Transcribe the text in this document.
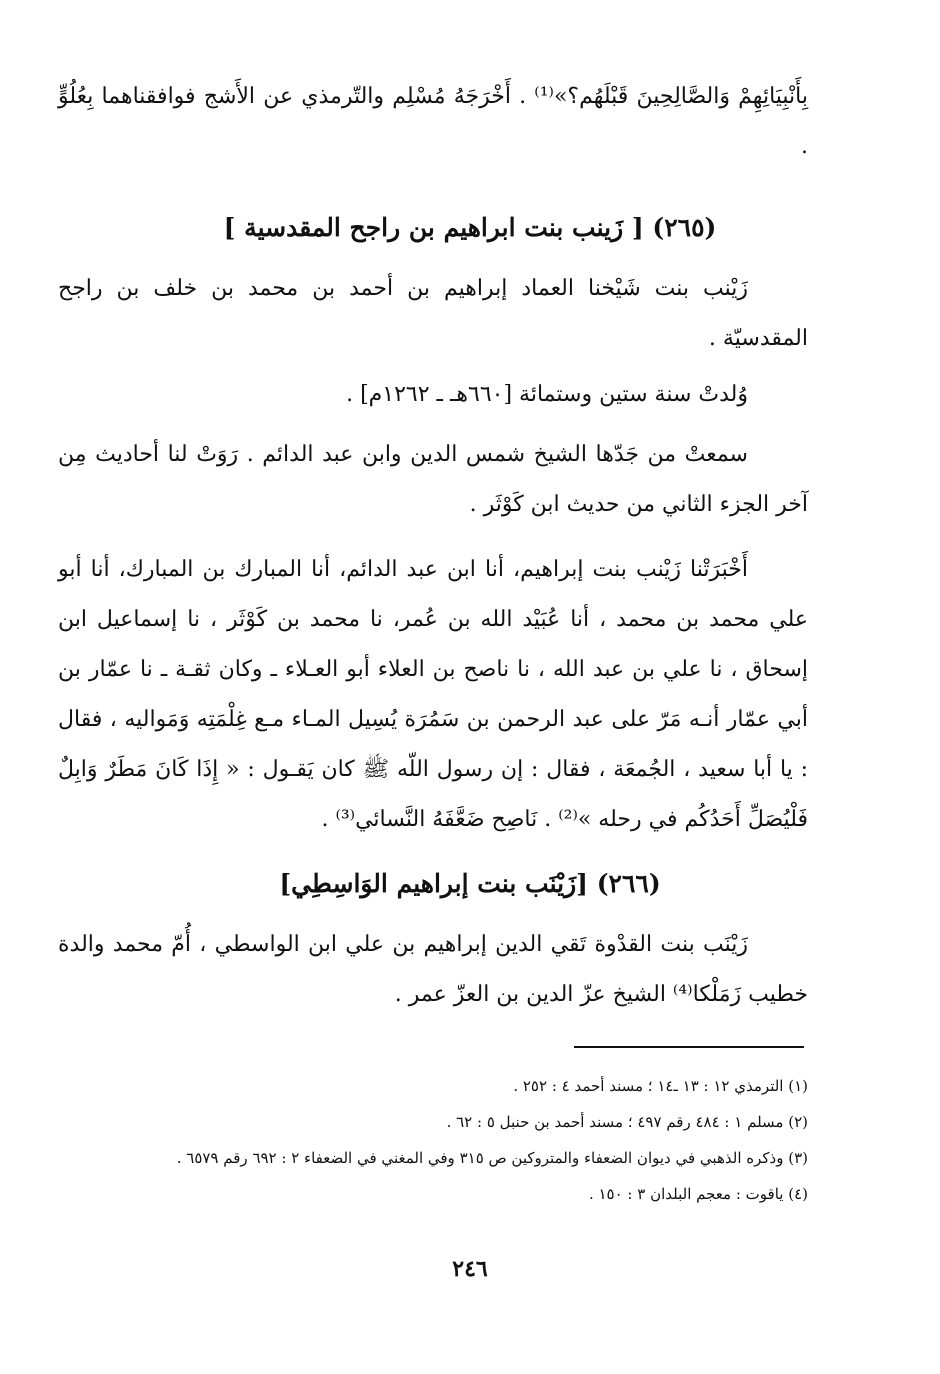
بِأَنْبِيَائِهِمْ وَالصَّالِحِينَ قَبْلَهُم؟»⁽¹⁾ . أَخْرَجَهُ مُسْلِم والتّرمذي عن الأَشج فوافقناهما بِعُلُوٍّ .

(٢٦٥) [ زَينب بنت ابراهيم بن راجح المقدسية ]

زَيْنب بنت شَيْخنا العماد إبراهيم بن أحمد بن محمد بن خلف بن راجح المقدسيّة .

وُلدتْ سنة ستين وستمائة [٦٦٠هـ ـ ١٢٦٢م] .

سمعتْ من جَدّها الشيخ شمس الدين وابن عبد الدائم . رَوَتْ لنا أحاديث مِن آخر الجزء الثاني من حديث ابن كَوْثَر .

أَخْبَرَتْنا زَيْنب بنت إبراهيم، أنا ابن عبد الدائم، أنا المبارك بن المبارك، أنا أبو علي محمد بن محمد ، أنا عُبَيْد الله بن عُمر، نا محمد بن كَوْثَر ، نا إسماعيل ابن إسحاق ، نا علي بن عبد الله ، نا ناصح بن العلاء أبو العـلاء ـ وكان ثقـة ـ نا عمّار بن أبي عمّار أنـه مَرّ على عبد الرحمن بن سَمُرَة يُسِيل المـاء مـع غِلْمَتِه وَمَواليه ، فقال : يا أبا سعيد ، الجُمعَة ، فقال : إن رسول اللّه ﷺ كان يَقـول : « إِذَا كَانَ مَطَرٌ وَابِلٌ فَلْيُصَلِّ أَحَدُكُم في رحله »⁽²⁾ . نَاصِح ضَعَّفَهُ النَّسائي⁽³⁾ .

(٢٦٦) [زَيْنَب بنت إبراهيم الوَاسِطِي]

زَيْنَب بنت القدْوة تَقي الدين إبراهيم بن علي ابن الواسطي ، أُمّ محمد والدة خطيب زَمَلْكا⁽⁴⁾ الشيخ عزّ الدين بن العزّ عمر .

(١) الترمذي ١٢ : ١٣ ـ١٤ ؛ مسند أحمد ٤ : ٢٥٢ .
(٢) مسلم ١ : ٤٨٤ رقم ٤٩٧ ؛ مسند أحمد بن حنبل ٥ : ٦٢ .
(٣) وذكره الذهبي في ديوان الضعفاء والمتروكين ص ٣١٥ وفي المغني في الضعفاء ٢ : ٦٩٢ رقم ٦٥٧٩ .
(٤) ياقوت : معجم البلدان ٣ : ١٥٠ .
٢٤٦
